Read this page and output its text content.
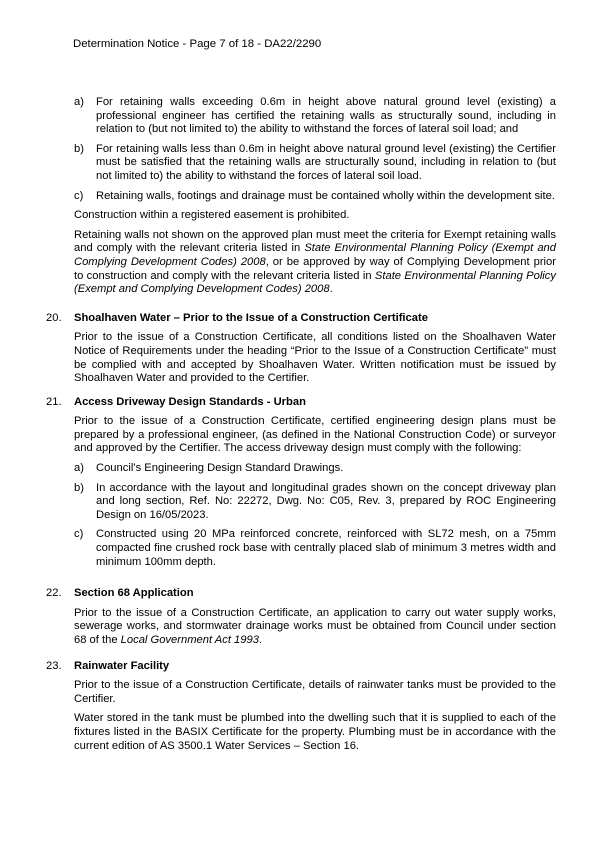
Determination Notice - Page 7 of 18 - DA22/2290
a) For retaining walls exceeding 0.6m in height above natural ground level (existing) a professional engineer has certified the retaining walls as structurally sound, including in relation to (but not limited to) the ability to withstand the forces of lateral soil load; and
b) For retaining walls less than 0.6m in height above natural ground level (existing) the Certifier must be satisfied that the retaining walls are structurally sound, including in relation to (but not limited to) the ability to withstand the forces of lateral soil load.
c) Retaining walls, footings and drainage must be contained wholly within the development site.

Construction within a registered easement is prohibited.

Retaining walls not shown on the approved plan must meet the criteria for Exempt retaining walls and comply with the relevant criteria listed in State Environmental Planning Policy (Exempt and Complying Development Codes) 2008, or be approved by way of Complying Development prior to construction and comply with the relevant criteria listed in State Environmental Planning Policy (Exempt and Complying Development Codes) 2008.

20. Shoalhaven Water – Prior to the Issue of a Construction Certificate

Prior to the issue of a Construction Certificate, all conditions listed on the Shoalhaven Water Notice of Requirements under the heading “Prior to the Issue of a Construction Certificate” must be complied with and accepted by Shoalhaven Water. Written notification must be issued by Shoalhaven Water and provided to the Certifier.

21. Access Driveway Design Standards - Urban

Prior to the issue of a Construction Certificate, certified engineering design plans must be prepared by a professional engineer, (as defined in the National Construction Code) or surveyor and approved by the Certifier. The access driveway design must comply with the following:

a) Council’s Engineering Design Standard Drawings.
b) In accordance with the layout and longitudinal grades shown on the concept driveway plan and long section, Ref. No: 22272, Dwg. No: C05, Rev. 3, prepared by ROC Engineering Design on 16/05/2023.
c) Constructed using 20 MPa reinforced concrete, reinforced with SL72 mesh, on a 75mm compacted fine crushed rock base with centrally placed slab of minimum 3 metres width and minimum 100mm depth.
22. Section 68 Application

Prior to the issue of a Construction Certificate, an application to carry out water supply works, sewerage works, and stormwater drainage works must be obtained from Council under section 68 of the Local Government Act 1993.

23. Rainwater Facility

Prior to the issue of a Construction Certificate, details of rainwater tanks must be provided to the Certifier.

Water stored in the tank must be plumbed into the dwelling such that it is supplied to each of the fixtures listed in the BASIX Certificate for the property. Plumbing must be in accordance with the current edition of AS 3500.1 Water Services – Section 16.
